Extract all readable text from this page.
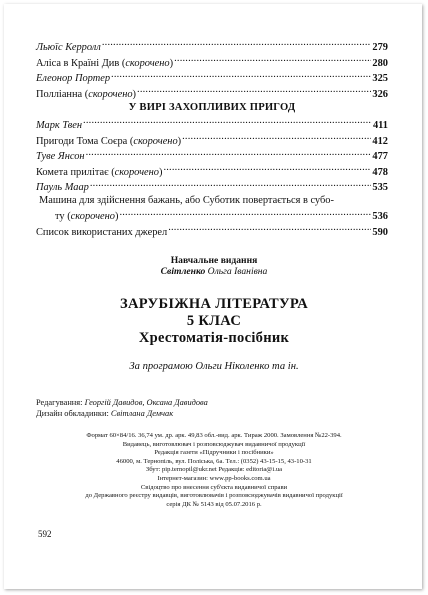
Льюїс Керролл .....	279
Аліса в Країні Див (скорочено) .....	280
Елеонор Портер .....	325
Полліанна (скорочено) .....	326
У ВИРІ ЗАХОПЛИВИХ ПРИГОД
Марк Твен .....	411
Пригоди Тома Соєра (скорочено) .....	412
Туве Янсон .....	477
Комета прилітає (скорочено) .....	478
Пауль Маар .....	535
Машина для здійснення бажань, або Суботик повертається в субо-
ту (скорочено) .....	536
Список використаних джерел .....	590
Навчальне видання
Світленко Ольга Іванівна
ЗАРУБІЖНА ЛІТЕРАТУРА
5 КЛАС
Хрестоматія-посібник
За програмою Ольги Ніколенко та ін.
Редагування: Георгій Давидов, Оксана Давидова
Дизайн обкладинки: Світлана Демчак
Формат 60×84/16. 36,74 ум. др. арк. 49,83 обл.-вид. арк. Тираж 2000. Замовлення №22-394.
Видавець, виготовлювач і розповсюджувач видавничої продукції
Редакція газети «Підручники і посібники»
46000, м. Тернопіль, вул. Поліська, 6а. Тел.: (0352) 43-15-15, 43-10-31
Збут: pip.ternopil@ukr.net Редакція: editoria@i.ua
Інтернет-магазин: www.pp-books.com.ua
Свідоцтво про внесення суб'єкта видавничої справи
до Державного реєстру видавців, виготовлювачів і розповсюджувачів видавничої продукції
серія ДК № 5143 від 05.07.2016 р.
592
